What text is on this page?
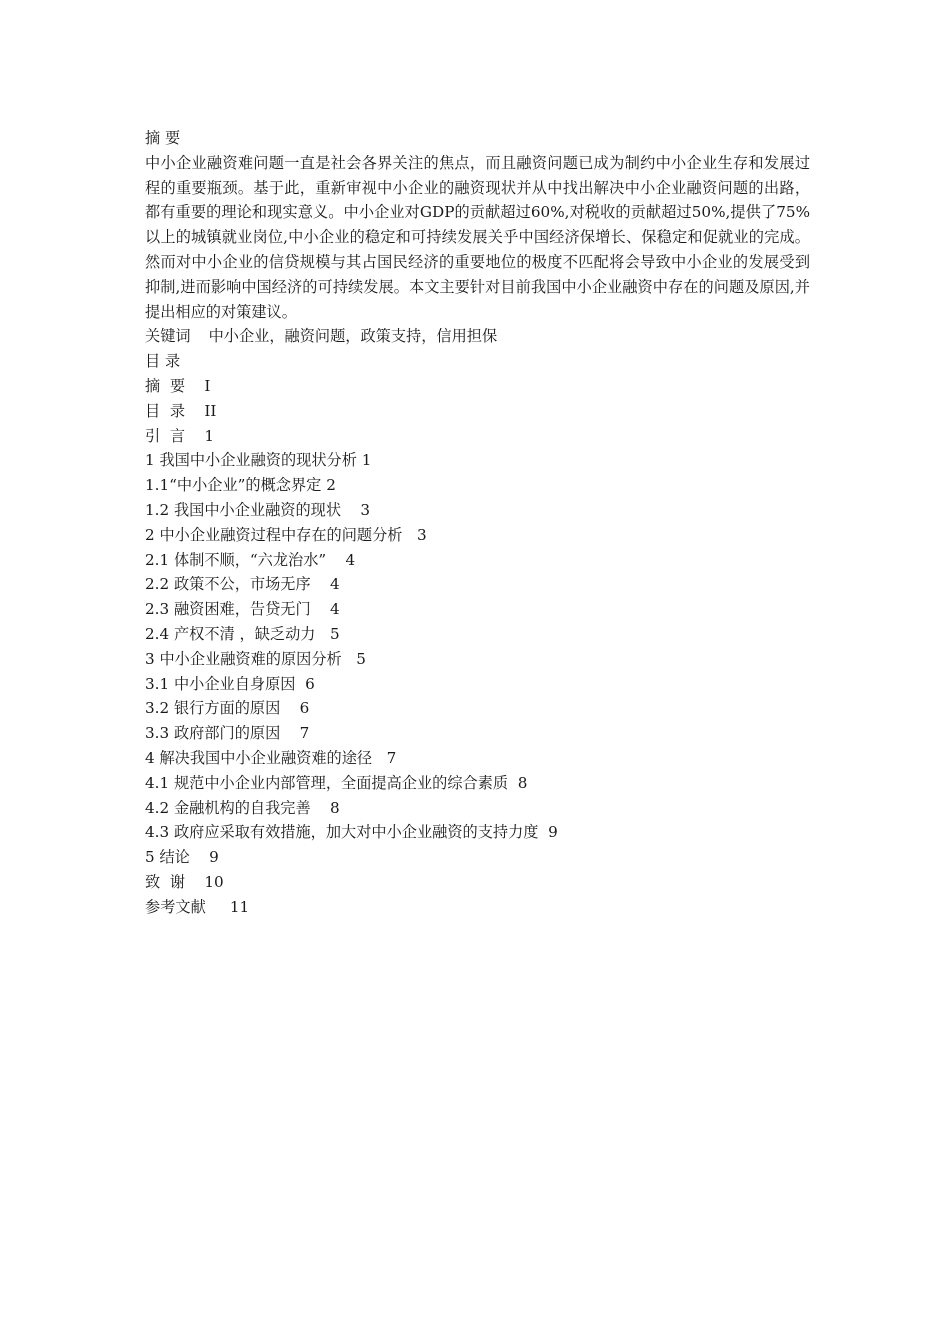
摘 要
中小企业融资难问题一直是社会各界关注的焦点，而且融资问题已成为制约中小企业生存和发展过程的重要瓶颈。基于此，重新审视中小企业的融资现状并从中找出解决中小企业融资问题的出路，都有重要的理论和现实意义。中小企业对GDP的贡献超过60%,对税收的贡献超过50%,提供了75%以上的城镇就业岗位,中小企业的稳定和可持续发展关乎中国经济保增长、保稳定和促就业的完成。然而对中小企业的信贷规模与其占国民经济的重要地位的极度不匹配将会导致中小企业的发展受到抑制,进而影响中国经济的可持续发展。本文主要针对目前我国中小企业融资中存在的问题及原因,并提出相应的对策建议。
关键词 中小企业，融资问题，政策支持，信用担保
目 录
摘  要    I
目  录    II
引  言    1
1 我国中小企业融资的现状分析 1
1.1“中小企业”的概念界定 2
1.2 我国中小企业融资的现状    3
2 中小企业融资过程中存在的问题分析   3
2.1 体制不顺，“六龙治水”    4
2.2 政策不公，市场无序    4
2.3 融资困难，告贷无门    4
2.4 产权不清 ，缺乏动力   5
3 中小企业融资难的原因分析   5
3.1 中小企业自身原因  6
3.2 银行方面的原因    6
3.3 政府部门的原因    7
4 解决我国中小企业融资难的途径   7
4.1 规范中小企业内部管理，全面提高企业的综合素质  8
4.2 金融机构的自我完善    8
4.3 政府应采取有效措施，加大对中小企业融资的支持力度  9
5 结论    9
致  谢    10
参考文献     11
